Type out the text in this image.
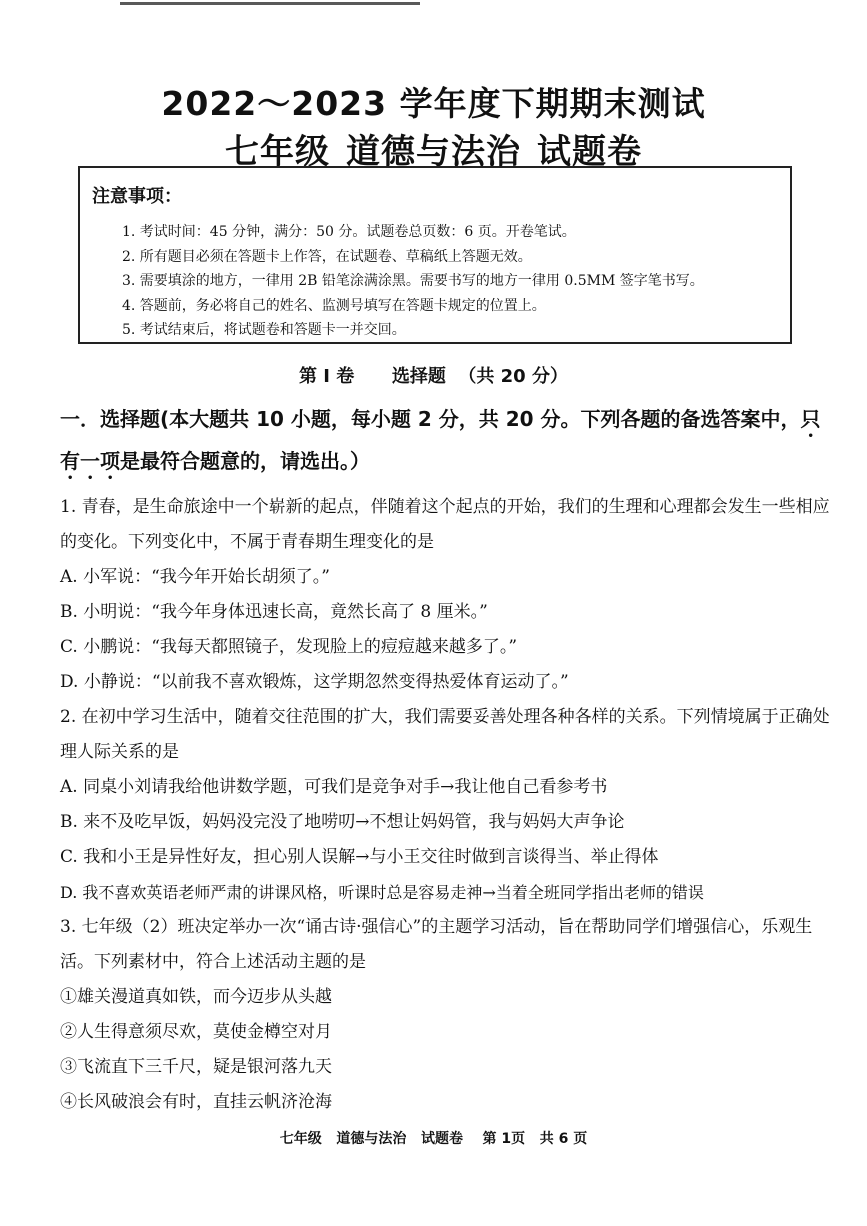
2022～2023 学年度下期期末测试
七年级 道德与法治 试题卷
注意事项：
1. 考试时间：45 分钟，满分：50 分。试题卷总页数：6 页。开卷笔试。
2. 所有题目必须在答题卡上作答，在试题卷、草稿纸上答题无效。
3. 需要填涂的地方，一律用 2B 铅笔涂满涂黑。需要书写的地方一律用 0.5MM 签字笔书写。
4. 答题前，务必将自己的姓名、监测号填写在答题卡规定的位置上。
5. 考试结束后，将试题卷和答题卡一并交回。
第 I 卷      选择题  （共 20 分）
一．选择题(本大题共 10 小题，每小题 2 分，共 20 分。下列各题的备选答案中，只有一项是最符合题意的，请选出。）
1. 青春，是生命旅途中一个崭新的起点，伴随着这个起点的开始，我们的生理和心理都会发生一些相应的变化。下列变化中，不属于青春期生理变化的是
A. 小军说：“我今年开始长胡须了。”
B. 小明说：“我今年身体迅速长高，竟然长高了 8 厘米。”
C. 小鹏说：“我每天都照镜子，发现脸上的痘痘越来越多了。”
D. 小静说：“以前我不喜欢锻炼，这学期忽然变得热爱体育运动了。”
2. 在初中学习生活中，随着交往范围的扩大，我们需要妥善处理各种各样的关系。下列情境属于正确处理人际关系的是
A. 同桌小刘请我给他讲数学题，可我们是竞争对手→我让他自己看参考书
B. 来不及吃早饭，妈妈没完没了地唠叨→不想让妈妈管，我与妈妈大声争论
C. 我和小王是异性好友，担心别人误解→与小王交往时做到言谈得当、举止得体
D. 我不喜欢英语老师严肃的讲课风格，听课时总是容易走神→当着全班同学指出老师的错误
3. 七年级（2）班决定举办一次“诵古诗·强信心”的主题学习活动，旨在帮助同学们增强信心，乐观生活。下列素材中，符合上述活动主题的是
①雄关漫道真如铁，而今迈步从头越
②人生得意须尽欢，莫使金樽空对月
③飞流直下三千尺，疑是银河落九天
④长风破浪会有时，直挂云帆济沧海
七年级   道德与法治   试题卷    第 1页   共 6 页
